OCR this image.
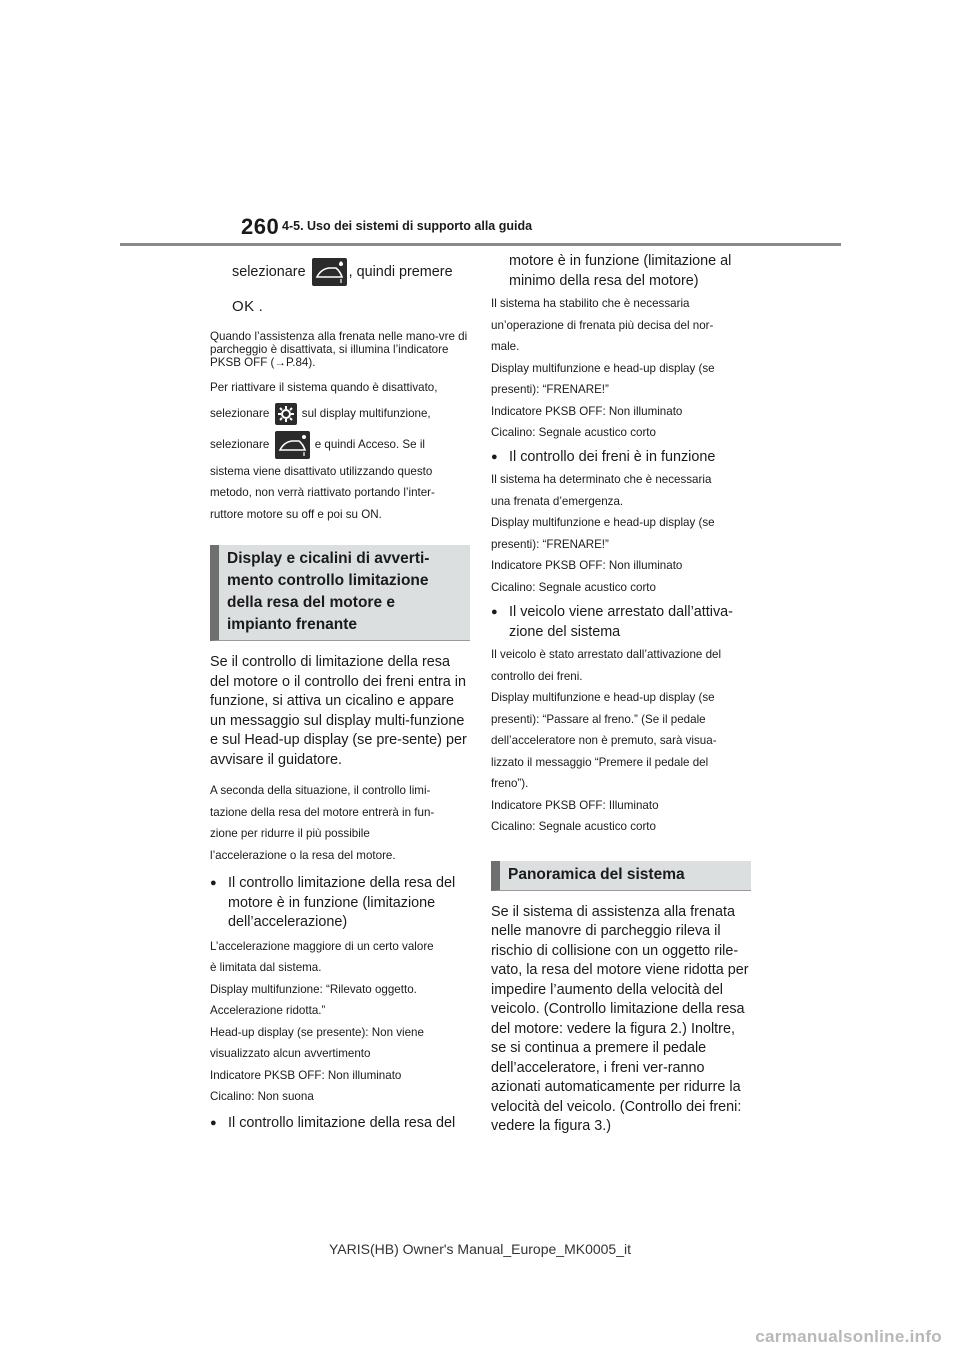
260 4-5. Uso dei sistemi di supporto alla guida

selezionare	, quindi premere

OK .

Quando l’assistenza alla frenata nelle mano-vre di parcheggio è disattivata, si illumina l’indicatore PKSB OFF (→P.84).

Per riattivare il sistema quando è disattivato,

selezionare	sul display multifunzione,

selezionare	e quindi Acceso. Se il

sistema viene disattivato utilizzando questo

metodo, non verrà riattivato portando l’inter-

ruttore motore su off e poi su ON.

Display e cicalini di avverti-
mento controllo limitazione
della resa del motore e
impianto frenante

Se il controllo di limitazione della resa del motore o il controllo dei freni entra in funzione, si attiva un cicalino e appare un messaggio sul display multi-funzione e sul Head-up display (se pre-sente) per avvisare il guidatore.

A seconda della situazione, il controllo limi-

tazione della resa del motore entrerà in fun-

zione per ridurre il più possibile

l’accelerazione o la resa del motore.

● Il controllo limitazione della resa del motore è in funzione (limitazione dell’accelerazione)

L’accelerazione maggiore di un certo valore

è limitata dal sistema.

Display multifunzione: “Rilevato oggetto.

Accelerazione ridotta.”

Head-up display (se presente): Non viene

visualizzato alcun avvertimento

Indicatore PKSB OFF: Non illuminato

Cicalino: Non suona

● Il controllo limitazione della resa del

motore è in funzione (limitazione al minimo della resa del motore)

Il sistema ha stabilito che è necessaria

un’operazione di frenata più decisa del nor-

male.

Display multifunzione e head-up display (se

presenti): “FRENARE!”

Indicatore PKSB OFF: Non illuminato

Cicalino: Segnale acustico corto

● Il controllo dei freni è in funzione

Il sistema ha determinato che è necessaria

una frenata d’emergenza.

Display multifunzione e head-up display (se

presenti): “FRENARE!”

Indicatore PKSB OFF: Non illuminato

Cicalino: Segnale acustico corto

● Il veicolo viene arrestato dall’attiva-zione del sistema

Il veicolo è stato arrestato dall’attivazione del

controllo dei freni.

Display multifunzione e head-up display (se

presenti): “Passare al freno.” (Se il pedale

dell’acceleratore non è premuto, sarà visua-

lizzato il messaggio “Premere il pedale del

freno”).

Indicatore PKSB OFF: Illuminato

Cicalino: Segnale acustico corto

Panoramica del sistema

Se il sistema di assistenza alla frenata nelle manovre di parcheggio rileva il rischio di collisione con un oggetto rile-vato, la resa del motore viene ridotta per impedire l’aumento della velocità del veicolo. (Controllo limitazione della resa del motore: vedere la figura 2.) Inoltre, se si continua a premere il pedale dell’acceleratore, i freni ver-ranno azionati automaticamente per ridurre la velocità del veicolo. (Controllo dei freni: vedere la figura 3.)

YARIS(HB) Owner's Manual_Europe_MK0005_it
carmanualsonline.info
